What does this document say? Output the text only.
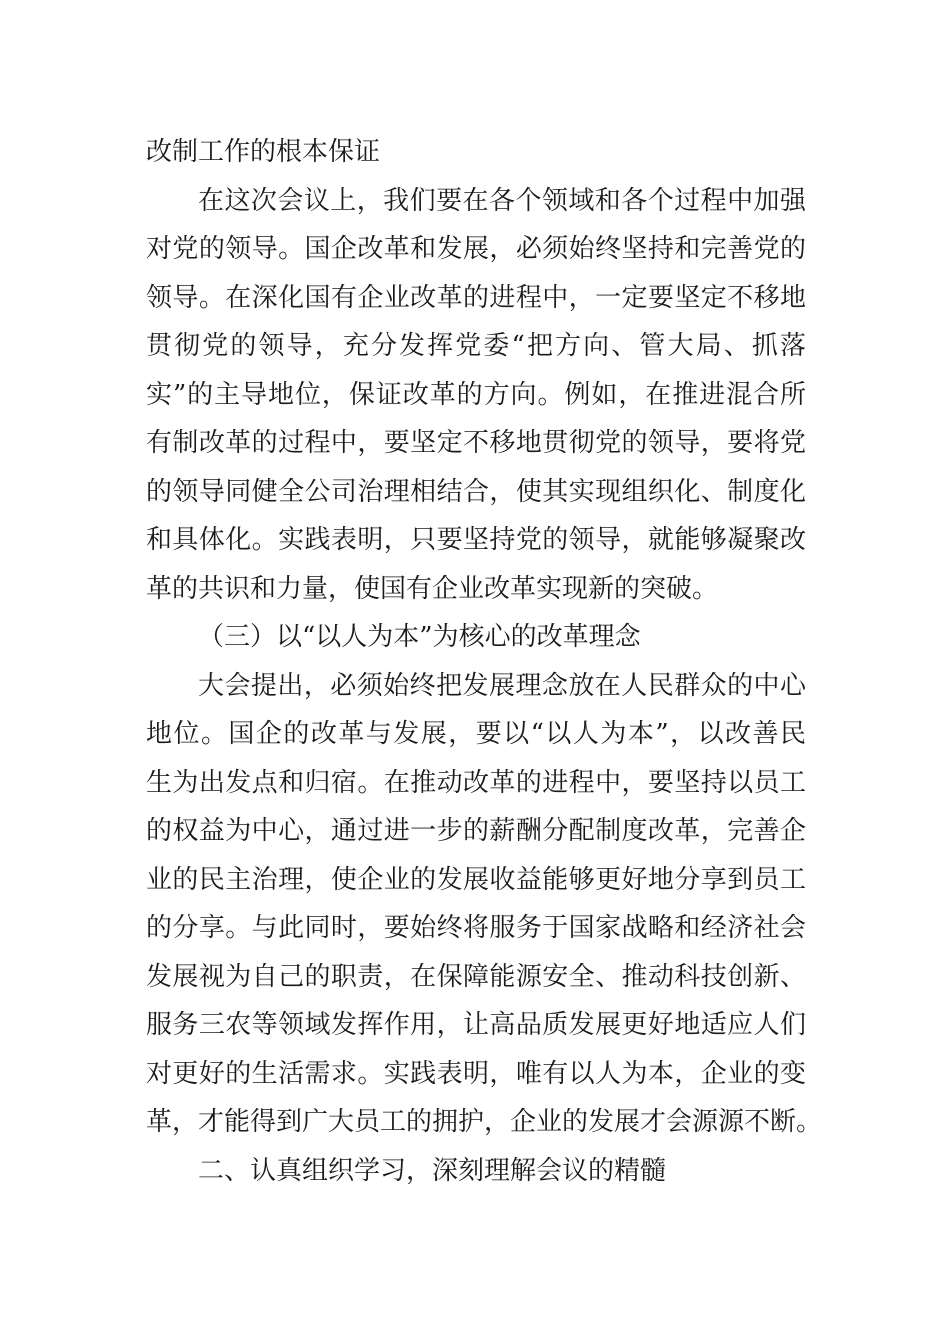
改制工作的根本保证
在这次会议上，我们要在各个领域和各个过程中加强
对党的领导。国企改革和发展，必须始终坚持和完善党的
领导。在深化国有企业改革的进程中，一定要坚定不移地
贯彻党的领导，充分发挥党委“把方向、管大局、抓落
实”的主导地位，保证改革的方向。例如，在推进混合所
有制改革的过程中，要坚定不移地贯彻党的领导，要将党
的领导同健全公司治理相结合，使其实现组织化、制度化
和具体化。实践表明，只要坚持党的领导，就能够凝聚改
革的共识和力量，使国有企业改革实现新的突破。
（三）以“以人为本”为核心的改革理念
大会提出，必须始终把发展理念放在人民群众的中心
地位。国企的改革与发展，要以“以人为本”，以改善民
生为出发点和归宿。在推动改革的进程中，要坚持以员工
的权益为中心，通过进一步的薪酬分配制度改革，完善企
业的民主治理，使企业的发展收益能够更好地分享到员工
的分享。与此同时，要始终将服务于国家战略和经济社会
发展视为自己的职责，在保障能源安全、推动科技创新、
服务三农等领域发挥作用，让高品质发展更好地适应人们
对更好的生活需求。实践表明，唯有以人为本，企业的变
革，才能得到广大员工的拥护，企业的发展才会源源不断。
二、认真组织学习，深刻理解会议的精髓
